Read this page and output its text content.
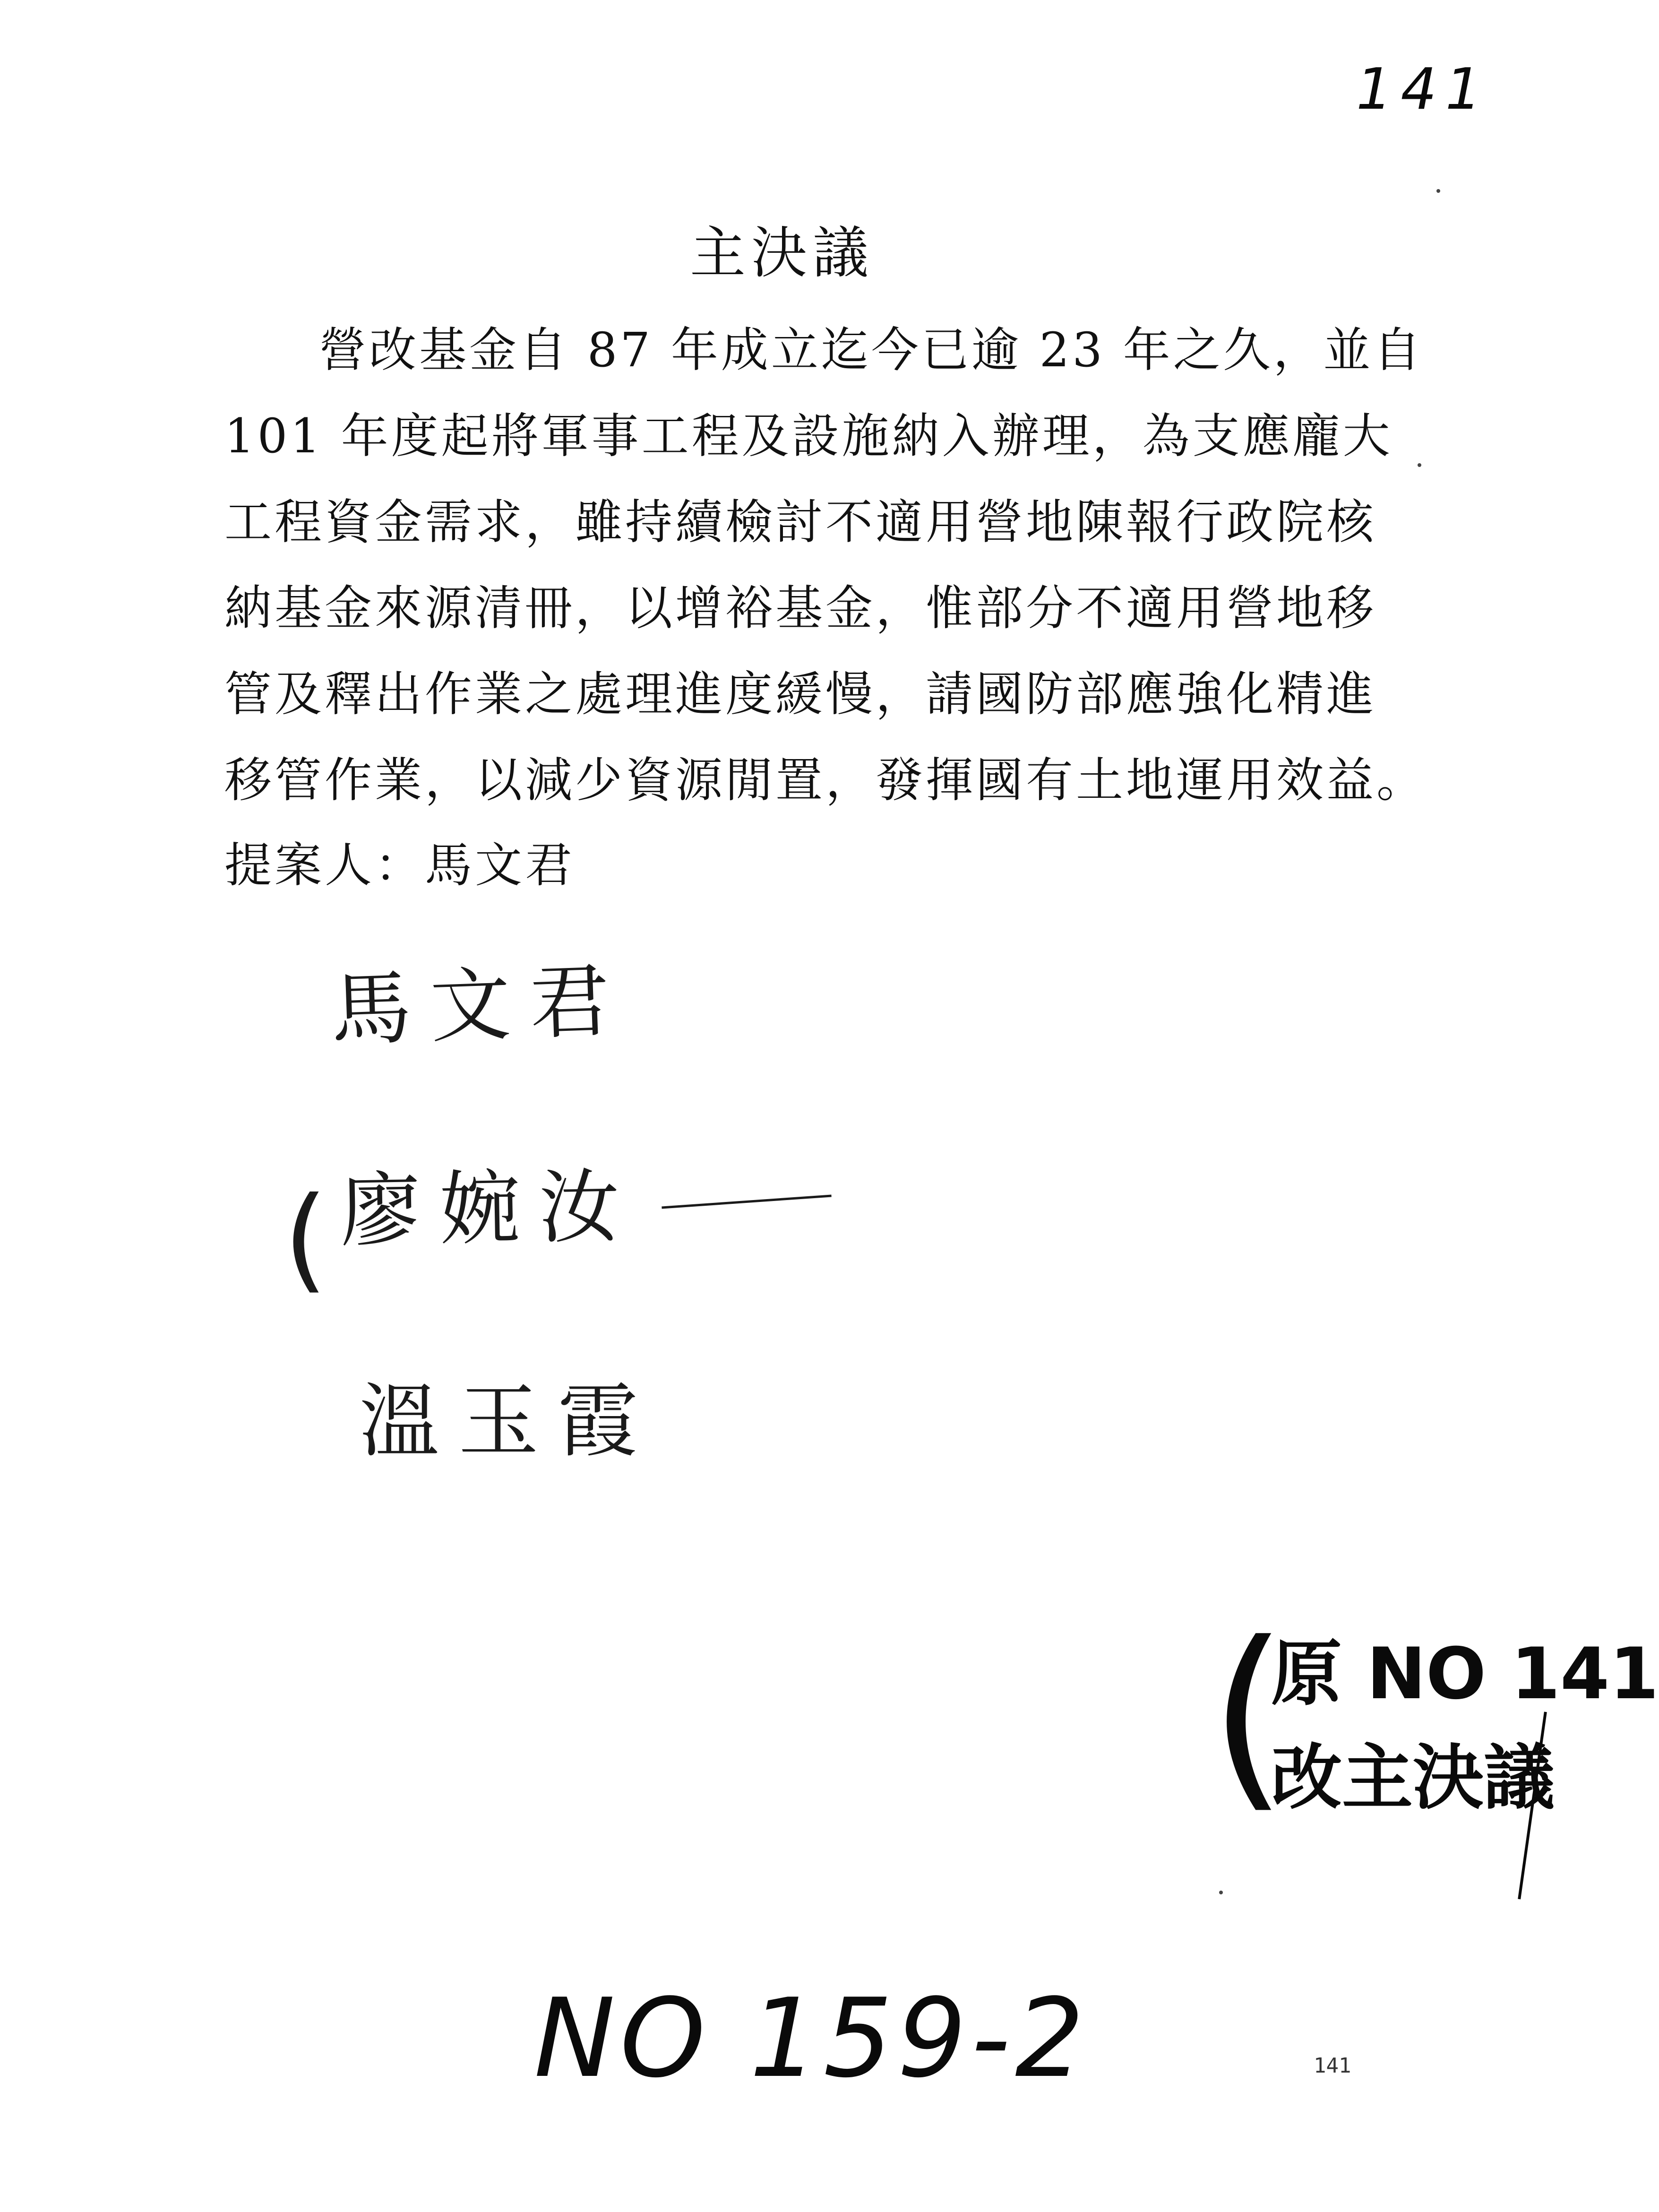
141
主決議
營改基金自 87 年成立迄今已逾 23 年之久，並自
101 年度起將軍事工程及設施納入辦理，為支應龐大
工程資金需求，雖持續檢討不適用營地陳報行政院核
納基金來源清冊，以增裕基金，惟部分不適用營地移
管及釋出作業之處理進度緩慢，請國防部應強化精進
移管作業，以減少資源閒置，發揮國有土地運用效益。
提案人：馬文君
馬文君
( 廖婉汝
溫玉霞
(
原 NO 141
改主決議
NO 159-2	141
